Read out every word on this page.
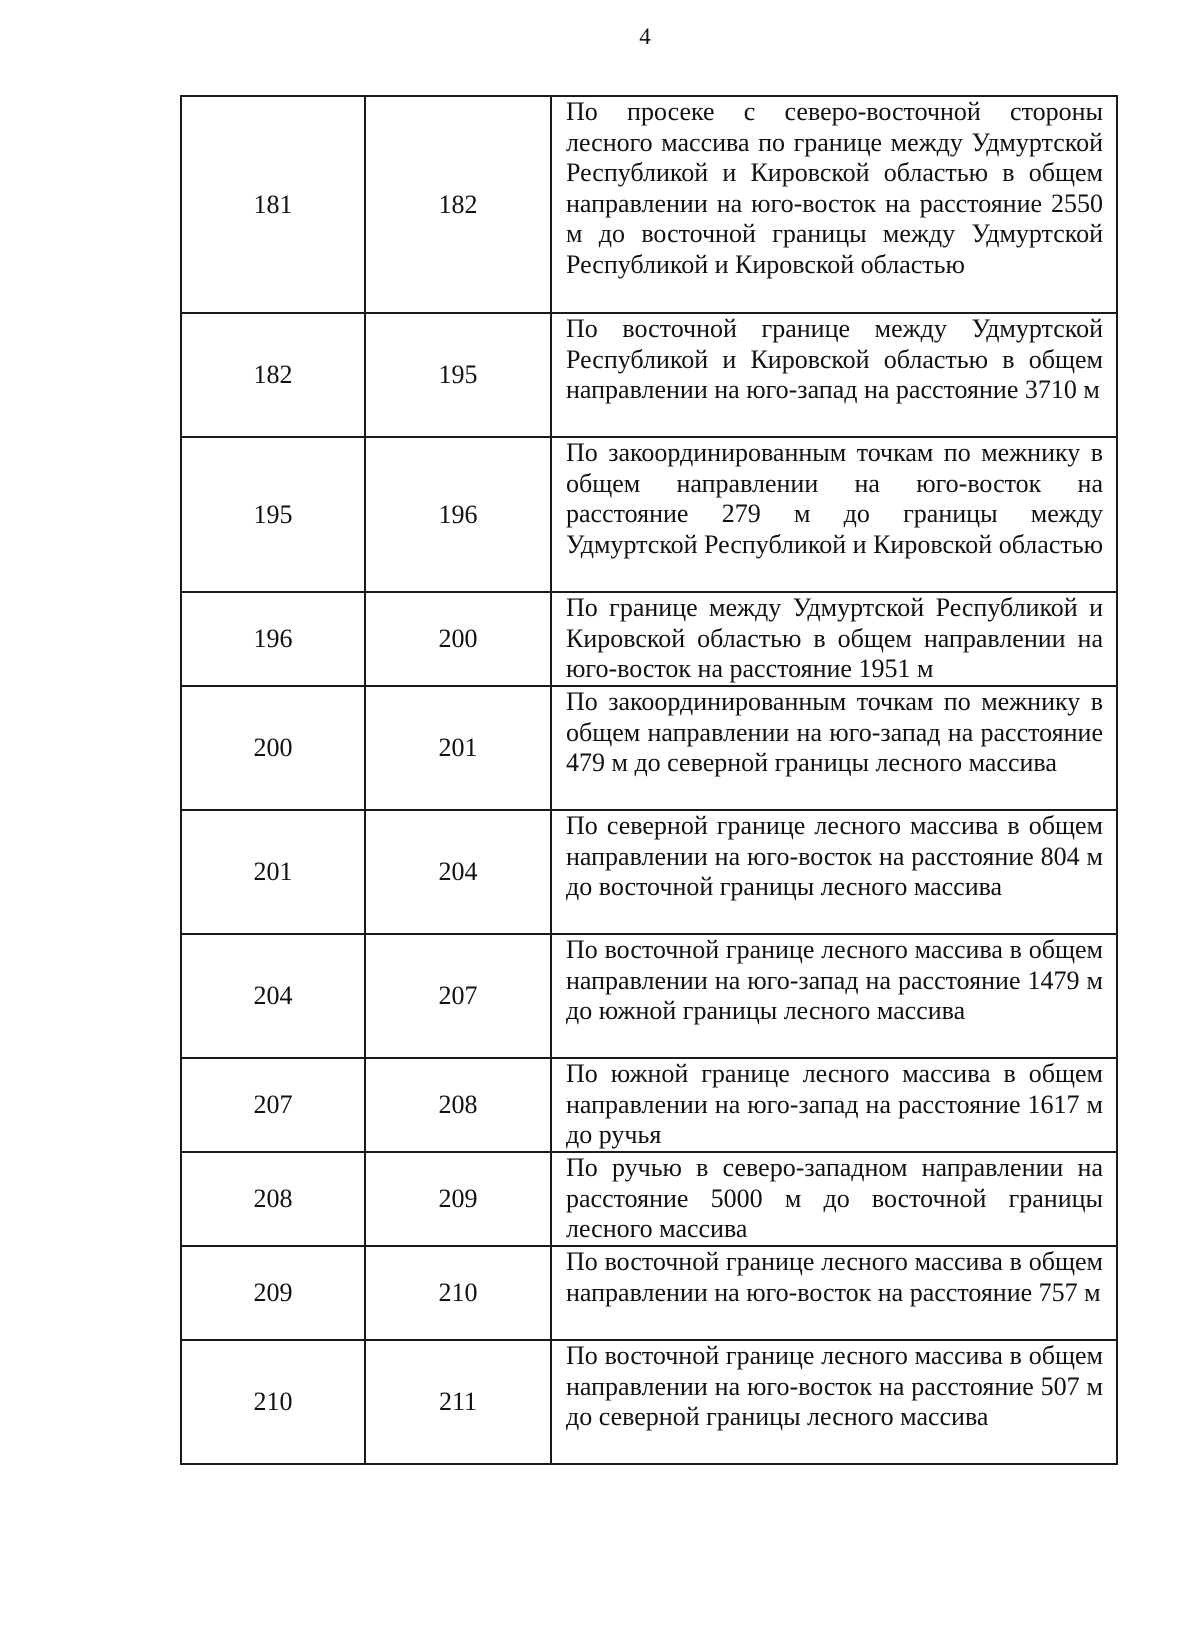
4
181	182	По просеке с северо-восточной стороны лесного массива по границе между Удмуртской Республикой и Кировской областью в общем направлении на юго-восток на расстояние 2550 м до восточной границы между Удмуртской Республикой и Кировской областью

182	195	По восточной границе между Удмуртской Республикой и Кировской областью в общем направлении на юго-запад на расстояние 3710 м

195	196	По закоординированным точкам по межнику в общем направлении на юго-восток на расстояние 279 м до границы между Удмуртской Республикой и Кировской областью

196	200	По границе между Удмуртской Республикой и Кировской областью в общем направлении на юго-восток на расстояние 1951 м

200	201	По закоординированным точкам по межнику в общем направлении на юго-запад на расстояние 479 м до северной границы лесного массива

201	204	По северной границе лесного массива в общем направлении на юго-восток на расстояние 804 м до восточной границы лесного массива

204	207	По восточной границе лесного массива в общем направлении на юго-запад на расстояние 1479 м до южной границы лесного массива

207	208	По южной границе лесного массива в общем направлении на юго-запад на расстояние 1617 м до ручья

208	209	По ручью в северо-западном направлении на расстояние 5000 м до восточной границы лесного массива

209	210	По восточной границе лесного массива в общем направлении на юго-восток на расстояние 757 м

210	211	По восточной границе лесного массива в общем направлении на юго-восток на расстояние 507 м до северной границы лесного массива
